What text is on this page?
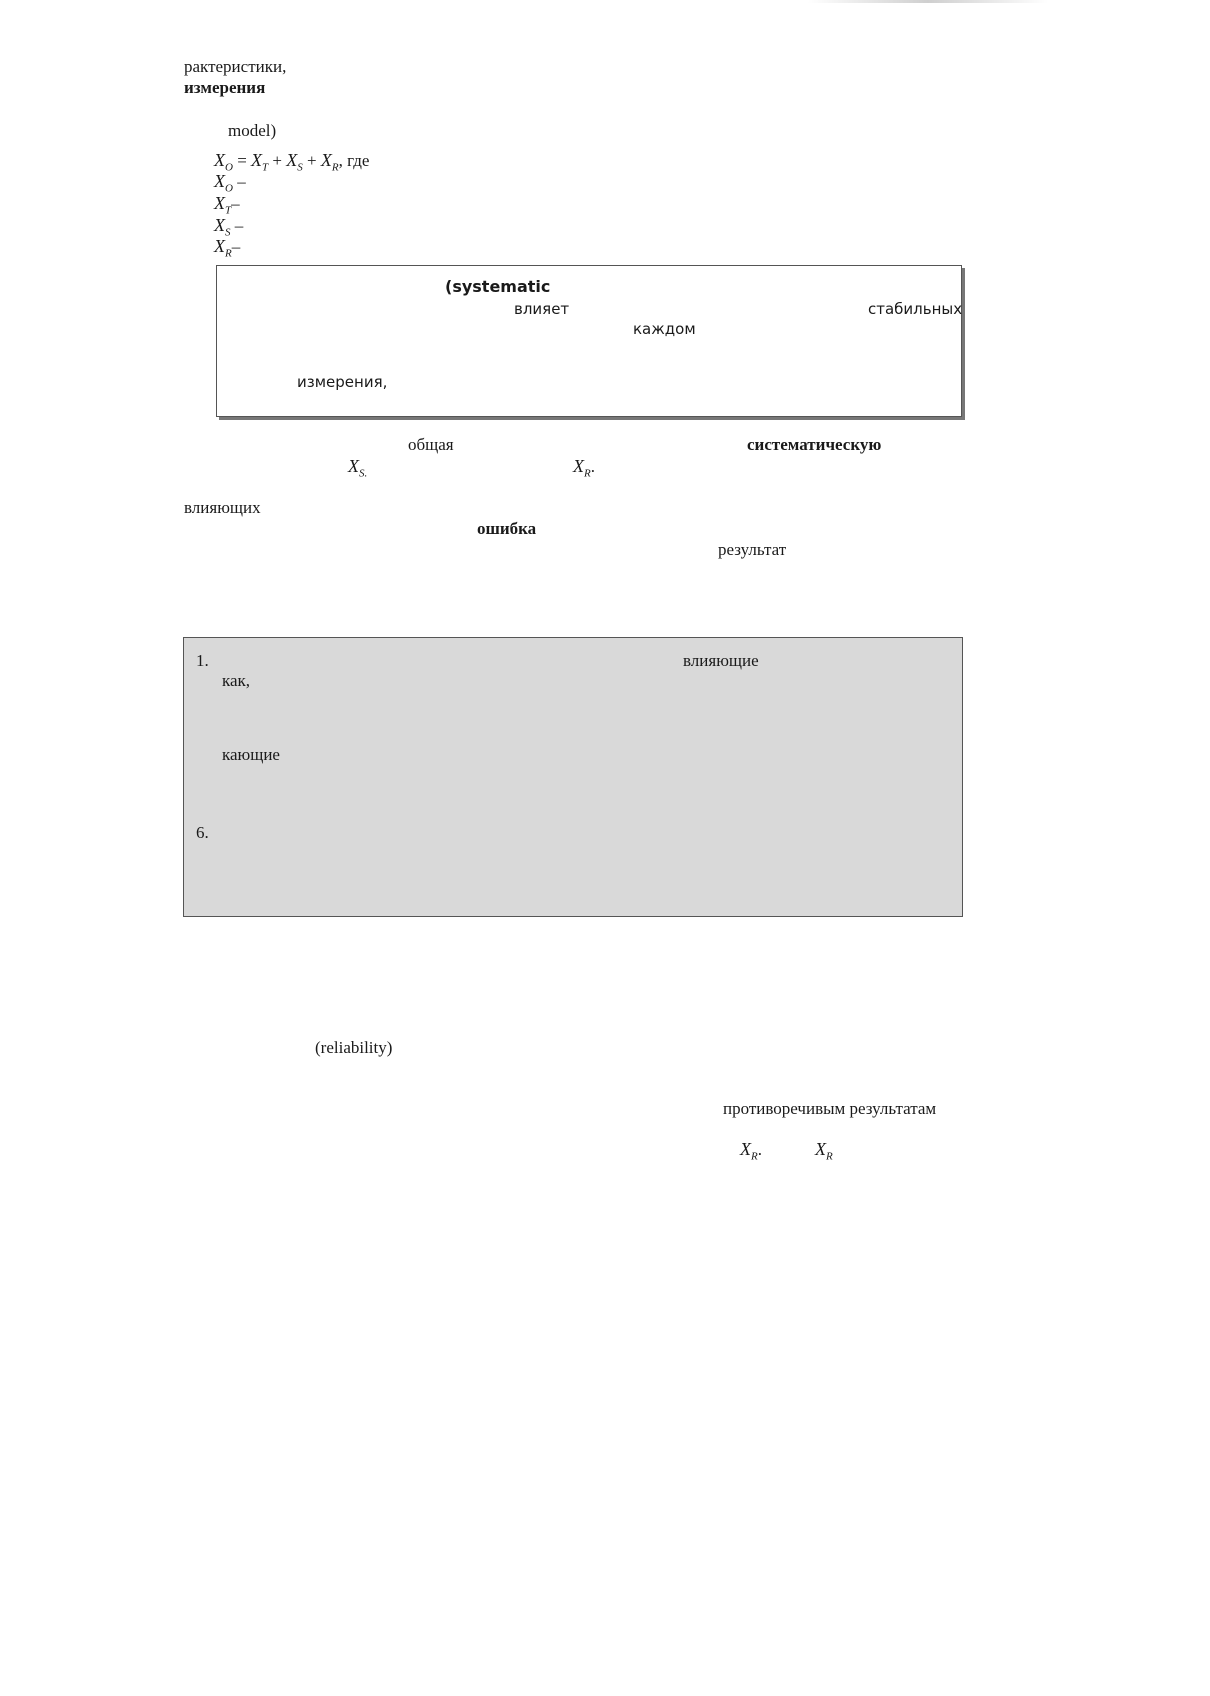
рактеристики,
измерения
model)
$X_O = X_T + X_S + X_R$, где
$X_O$ –
$X_T-$
$X_S$ –
$X_R-$
(systematic
влияет	стабильных
каждом
измерения,
общая	систематическую
$X_{S.}$	$X_R$.
влияющих
ошибка
результат
1.	влияющие
как,
кающие
6.
(reliability)
противоречивым результатам
$X_R$.	$X_R$
